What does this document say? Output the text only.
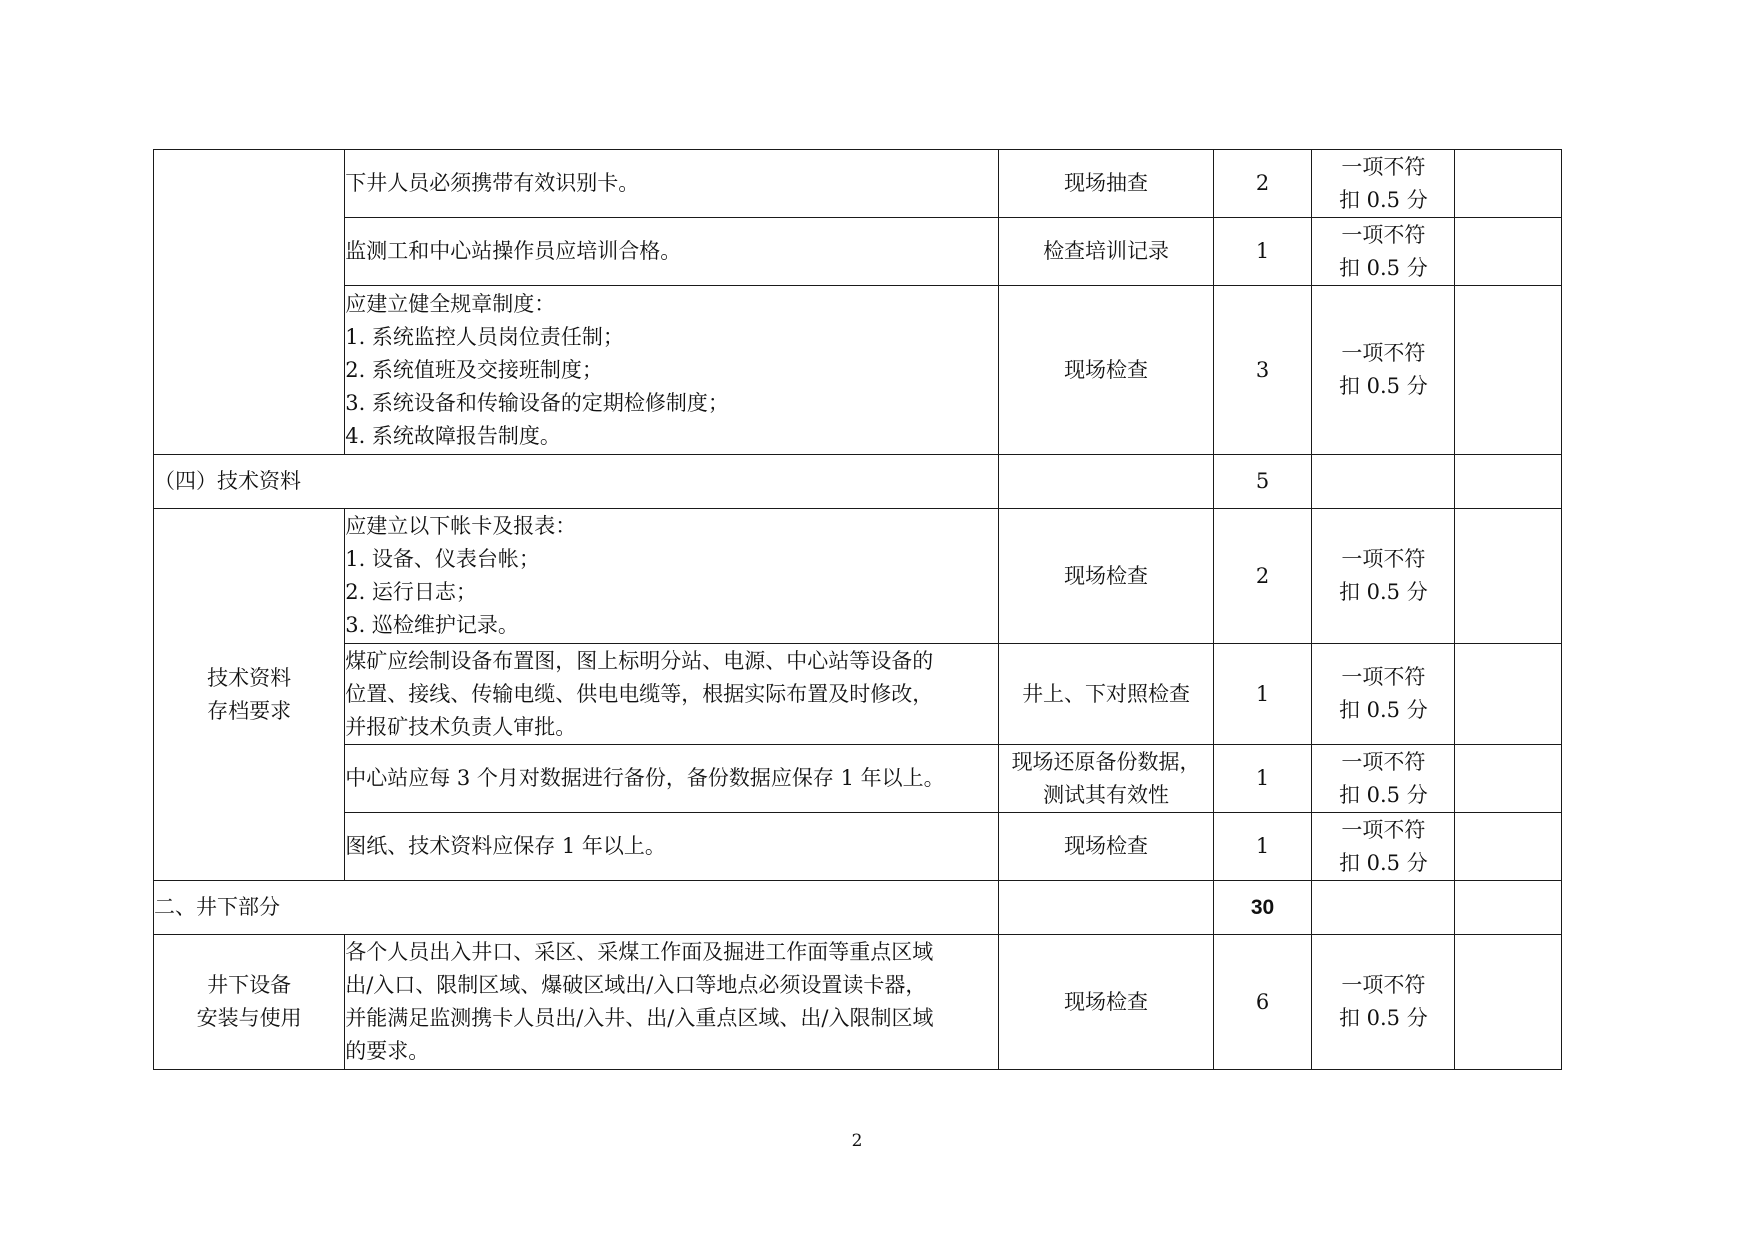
	下井人员必须携带有效识别卡。	现场抽查	2	一项不符
扣 0.5 分	

	监测工和中心站操作员应培训合格。	检查培训记录	1	一项不符
扣 0.5 分	

	应建立健全规章制度：
1. 系统监控人员岗位责任制；
2. 系统值班及交接班制度；
3. 系统设备和传输设备的定期检修制度；
4. 系统故障报告制度。	现场检查	3	一项不符
扣 0.5 分	

（四）技术资料			5		

技术资料
存档要求	应建立以下帐卡及报表：
1. 设备、仪表台帐；
2. 运行日志；
3. 巡检维护记录。	现场检查	2	一项不符
扣 0.5 分	

	煤矿应绘制设备布置图，图上标明分站、电源、中心站等设备的
位置、接线、传输电缆、供电电缆等，根据实际布置及时修改，
并报矿技术负责人审批。	井上、下对照检查	1	一项不符
扣 0.5 分	

	中心站应每 3 个月对数据进行备份，备份数据应保存 1 年以上。	现场还原备份数据，
测试其有效性	1	一项不符
扣 0.5 分	

	图纸、技术资料应保存 1 年以上。	现场检查	1	一项不符
扣 0.5 分	

二、井下部分			30		

井下设备
安装与使用	各个人员出入井口、采区、采煤工作面及掘进工作面等重点区域
出/入口、限制区域、爆破区域出/入口等地点必须设置读卡器，
并能满足监测携卡人员出/入井、出/入重点区域、出/入限制区域
的要求。	现场检查	6	一项不符
扣 0.5 分	

2
